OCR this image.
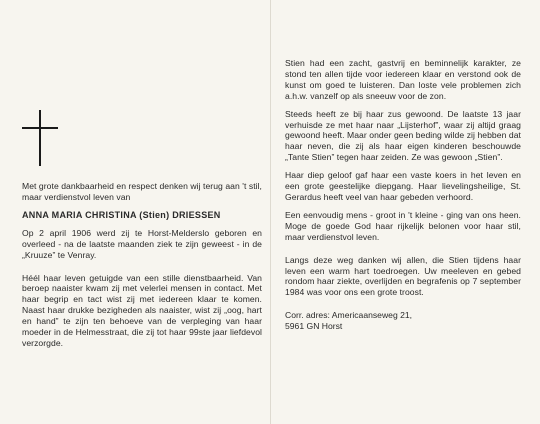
Met grote dankbaarheid en respect denken wij terug aan 't stil, maar verdienstvol leven van

ANNA MARIA CHRISTINA (Stien) DRIESSEN

Op 2 april 1906 werd zij te Horst-Melderslo geboren en overleed - na de laatste maanden ziek te zijn geweest - in de „Kruuze” te Venray.

Héél haar leven getuigde van een stille dienstbaarheid. Van beroep naaister kwam zij met velerlei mensen in contact. Met haar begrip en tact wist zij met iedereen klaar te komen. Naast haar drukke bezigheden als naaister, wist zij „oog, hart en hand” te zijn ten behoeve van de verpleging van haar moeder in de Helmesstraat, die zij tot haar 99ste jaar liefdevol verzorgde.

Stien had een zacht, gastvrij en beminnelijk karakter, ze stond ten allen tijde voor iedereen klaar en verstond ook de kunst om goed te luisteren. Dan loste vele problemen zich a.h.w. vanzelf op als sneeuw voor de zon.

Steeds heeft ze bij haar zus gewoond. De laatste 13 jaar verhuisde ze met haar naar „Lijsterhof”, waar zij altijd graag gewoond heeft. Maar onder geen beding wilde zij hebben dat haar neven, die zij als haar eigen kinderen beschouwde „Tante Stien” tegen haar zeiden. Ze was gewoon „Stien”.

Haar diep geloof gaf haar een vaste koers in het leven en een grote geestelijke diepgang. Haar lievelingsheilige, St. Gerardus heeft veel van haar gebeden verhoord.

Een eenvoudig mens - groot in 't kleine - ging van ons heen. Moge de goede God haar rijkelijk belonen voor haar stil, maar verdienstvol leven.

Langs deze weg danken wij allen, die Stien tijdens haar leven een warm hart toedroegen. Uw meeleven en gebed rondom haar ziekte, overlijden en begrafenis op 7 september 1984 was voor ons een grote troost.

Corr. adres: Americaanseweg 21,
5961 GN Horst
